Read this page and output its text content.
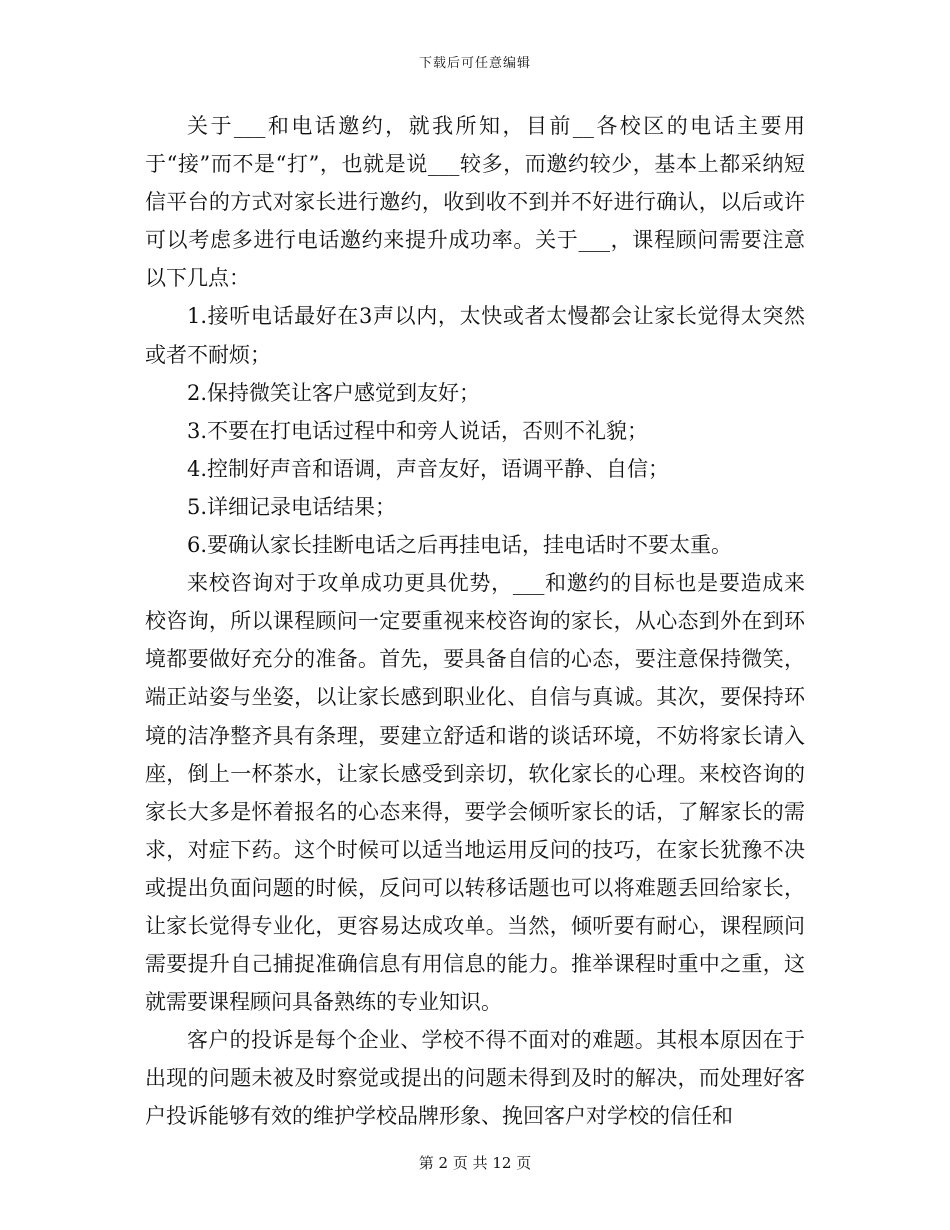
下载后可任意编辑

关于___和电话邀约，就我所知，目前__各校区的电话主要用于“接”而不是“打”，也就是说___较多，而邀约较少，基本上都采纳短信平台的方式对家长进行邀约，收到收不到并不好进行确认，以后或许可以考虑多进行电话邀约来提升成功率。关于___，课程顾问需要注意以下几点：

1.接听电话最好在3声以内，太快或者太慢都会让家长觉得太突然或者不耐烦；

2.保持微笑让客户感觉到友好；

3.不要在打电话过程中和旁人说话，否则不礼貌；

4.控制好声音和语调，声音友好，语调平静、自信；

5.详细记录电话结果；

6.要确认家长挂断电话之后再挂电话，挂电话时不要太重。

来校咨询对于攻单成功更具优势，___和邀约的目标也是要造成来校咨询，所以课程顾问一定要重视来校咨询的家长，从心态到外在到环境都要做好充分的准备。首先，要具备自信的心态，要注意保持微笑，端正站姿与坐姿，以让家长感到职业化、自信与真诚。其次，要保持环境的洁净整齐具有条理，要建立舒适和谐的谈话环境，不妨将家长请入座，倒上一杯茶水，让家长感受到亲切，软化家长的心理。来校咨询的家长大多是怀着报名的心态来得，要学会倾听家长的话，了解家长的需求，对症下药。这个时候可以适当地运用反问的技巧，在家长犹豫不决或提出负面问题的时候，反问可以转移话题也可以将难题丢回给家长，让家长觉得专业化，更容易达成攻单。当然，倾听要有耐心，课程顾问需要提升自己捕捉准确信息有用信息的能力。推举课程时重中之重，这就需要课程顾问具备熟练的专业知识。

客户的投诉是每个企业、学校不得不面对的难题。其根本原因在于出现的问题未被及时察觉或提出的问题未得到及时的解决，而处理好客户投诉能够有效的维护学校品牌形象、挽回客户对学校的信任和

第 2 页 共 12 页
